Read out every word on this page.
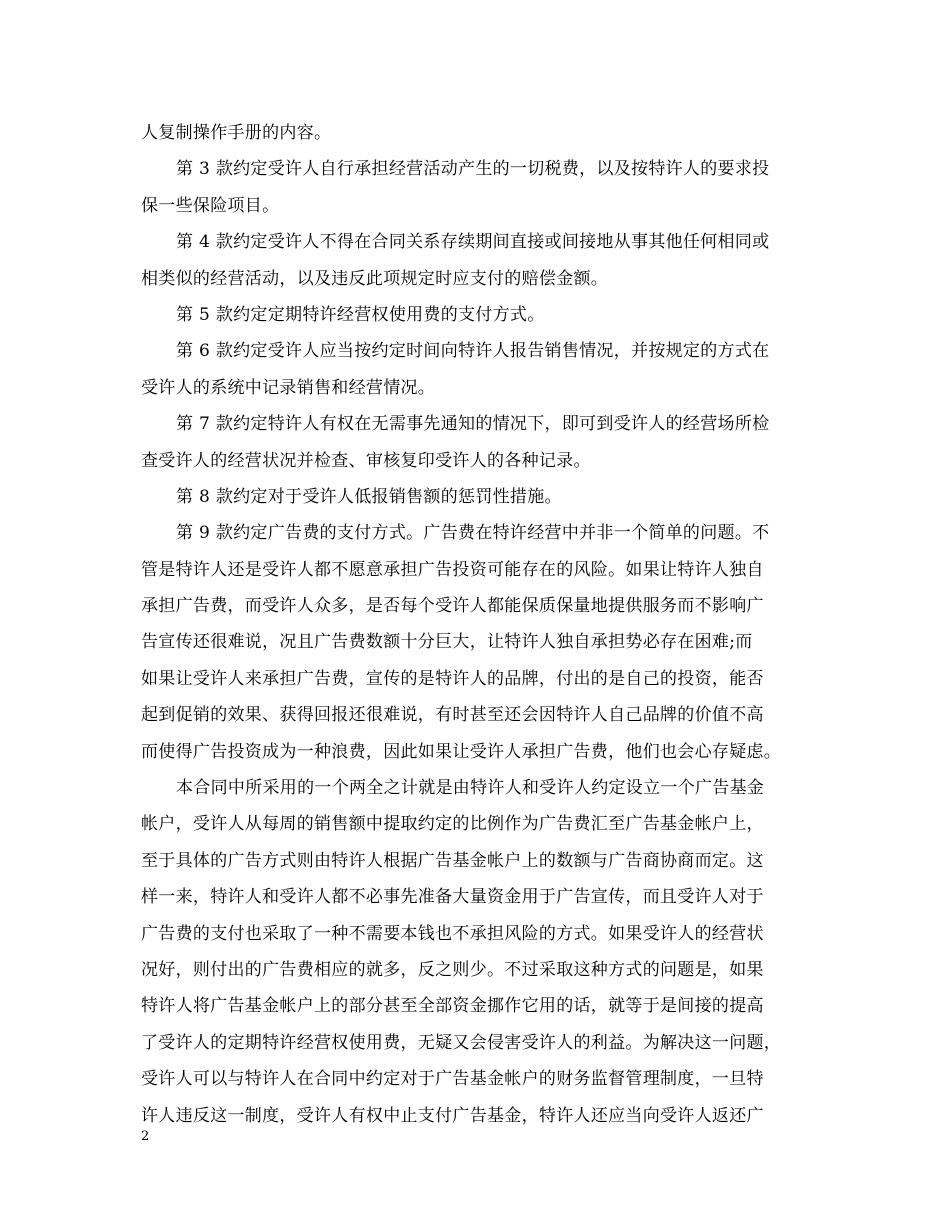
人复制操作手册的内容。
第 3 款约定受许人自行承担经营活动产生的一切税费，以及按特许人的要求投
保一些保险项目。
第 4 款约定受许人不得在合同关系存续期间直接或间接地从事其他任何相同或
相类似的经营活动，以及违反此项规定时应支付的赔偿金额。
第 5 款约定定期特许经营权使用费的支付方式。
第 6 款约定受许人应当按约定时间向特许人报告销售情况，并按规定的方式在
受许人的系统中记录销售和经营情况。
第 7 款约定特许人有权在无需事先通知的情况下，即可到受许人的经营场所检
查受许人的经营状况并检查、审核复印受许人的各种记录。
第 8 款约定对于受许人低报销售额的惩罚性措施。
第 9 款约定广告费的支付方式。广告费在特许经营中并非一个简单的问题。不
管是特许人还是受许人都不愿意承担广告投资可能存在的风险。如果让特许人独自
承担广告费，而受许人众多，是否每个受许人都能保质保量地提供服务而不影响广
告宣传还很难说，况且广告费数额十分巨大，让特许人独自承担势必存在困难;而
如果让受许人来承担广告费，宣传的是特许人的品牌，付出的是自己的投资，能否
起到促销的效果、获得回报还很难说，有时甚至还会因特许人自己品牌的价值不高
而使得广告投资成为一种浪费，因此如果让受许人承担广告费，他们也会心存疑虑。
本合同中所采用的一个两全之计就是由特许人和受许人约定设立一个广告基金
帐户，受许人从每周的销售额中提取约定的比例作为广告费汇至广告基金帐户上，
至于具体的广告方式则由特许人根据广告基金帐户上的数额与广告商协商而定。这
样一来，特许人和受许人都不必事先准备大量资金用于广告宣传，而且受许人对于
广告费的支付也采取了一种不需要本钱也不承担风险的方式。如果受许人的经营状
况好，则付出的广告费相应的就多，反之则少。不过采取这种方式的问题是，如果
特许人将广告基金帐户上的部分甚至全部资金挪作它用的话，就等于是间接的提高
了受许人的定期特许经营权使用费，无疑又会侵害受许人的利益。为解决这一问题，
受许人可以与特许人在合同中约定对于广告基金帐户的财务监督管理制度，一旦特
许人违反这一制度，受许人有权中止支付广告基金，特许人还应当向受许人返还广
2
